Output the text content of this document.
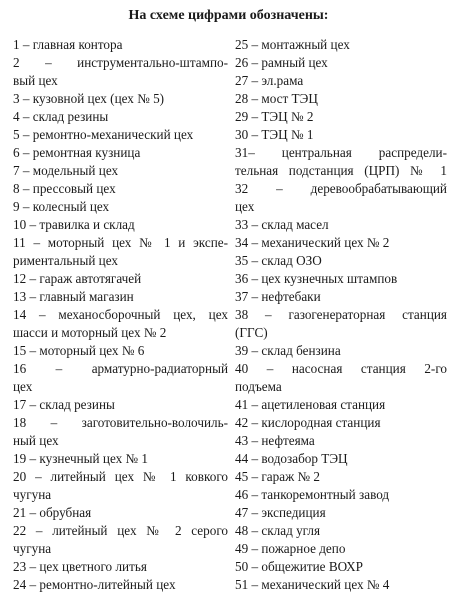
На схеме цифрами обозначены:
1 – главная контора
2 – инструментально-штампо-
вый цех
3 – кузовной цех (цех № 5)
4 – склад резины
5 – ремонтно-механический цех
6 – ремонтная кузница
7 – модельный цех
8 – прессовый цех
9 – колесный цех
10 – травилка и склад
11 – моторный цех № 1 и экспе-
риментальный цех
12 – гараж автотягачей
13 – главный магазин
14 – механосборочный цех, цех
шасси и моторный цех № 2
15 – моторный цех № 6
16 – арматурно-радиаторный
цех
17 – склад резины
18 – заготовительно-волочиль-
ный цех
19 – кузнечный цех № 1
20 – литейный цех № 1 ковкого
чугуна
21 – обрубная
22 – литейный цех № 2 серого
чугуна
23 – цех цветного литья
24 – ремонтно-литейный цех
25 – монтажный цех
26 – рамный цех
27 – эл.рама
28 – мост ТЭЦ
29 – ТЭЦ № 2
30 – ТЭЦ № 1
31– центральная распредели-
тельная подстанция (ЦРП) № 1
32 – деревообрабатывающий
цех
33 – склад масел
34 – механический цех № 2
35 – склад ОЗО
36 – цех кузнечных штампов
37 – нефтебаки
38 – газогенераторная станция
(ГГС)
39 – склад бензина
40 – насосная станция 2-го
подъема
41 – ацетиленовая станция
42 – кислородная станция
43 – нефтеяма
44 – водозабор ТЭЦ
45 – гараж № 2
46 – танкоремонтный завод
47 – экспедиция
48 – склад угля
49 – пожарное депо
50 – общежитие ВОХР
51 – механический цех № 4
